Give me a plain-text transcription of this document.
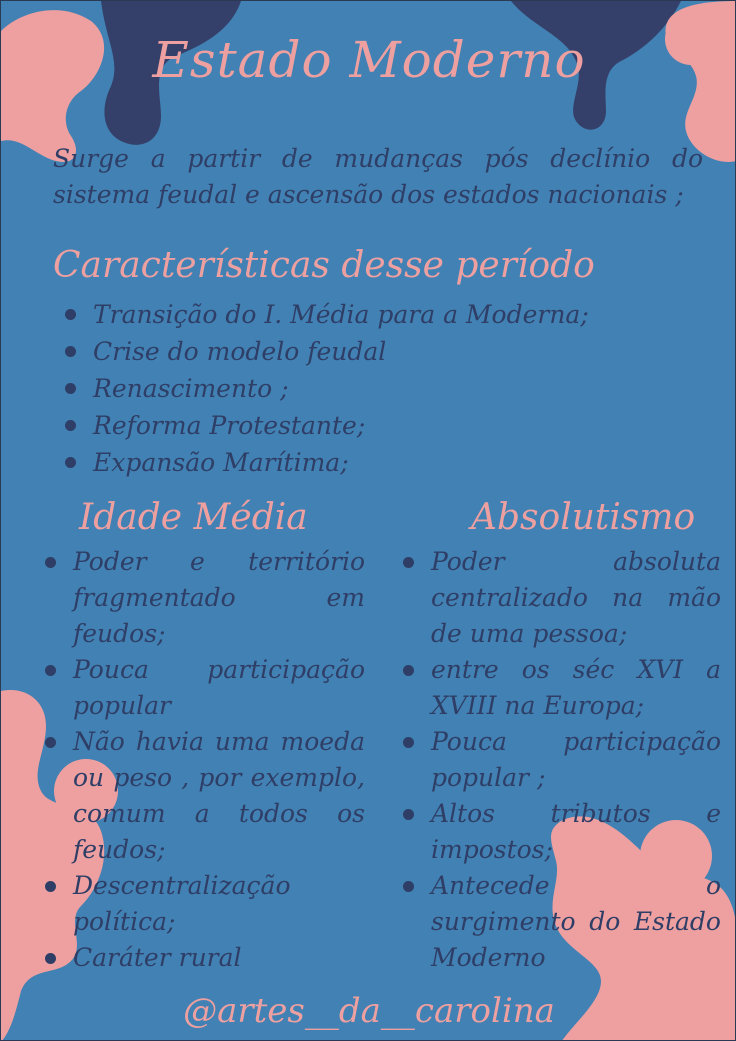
Estado Moderno
Surge a partir de mudanças pós declínio do sistema feudal e ascensão dos estados nacionais ;
Características desse período
Transição do I. Média para a Moderna;
Crise do modelo feudal
Renascimento ;
Reforma Protestante;
Expansão Marítima;
Idade Média	Absolutismo
Poder e território fragmentado em feudos;
Pouca participação popular
Não havia uma moeda ou peso , por exemplo, comum a todos os feudos;
Descentralização política;
Caráter rural
Poder absoluta centralizado na mão de uma pessoa;
entre os séc XVI a XVIII na Europa;
Pouca participação popular ;
Altos tributos e impostos;
Antecede o surgimento do Estado Moderno
@artes__da__carolina
